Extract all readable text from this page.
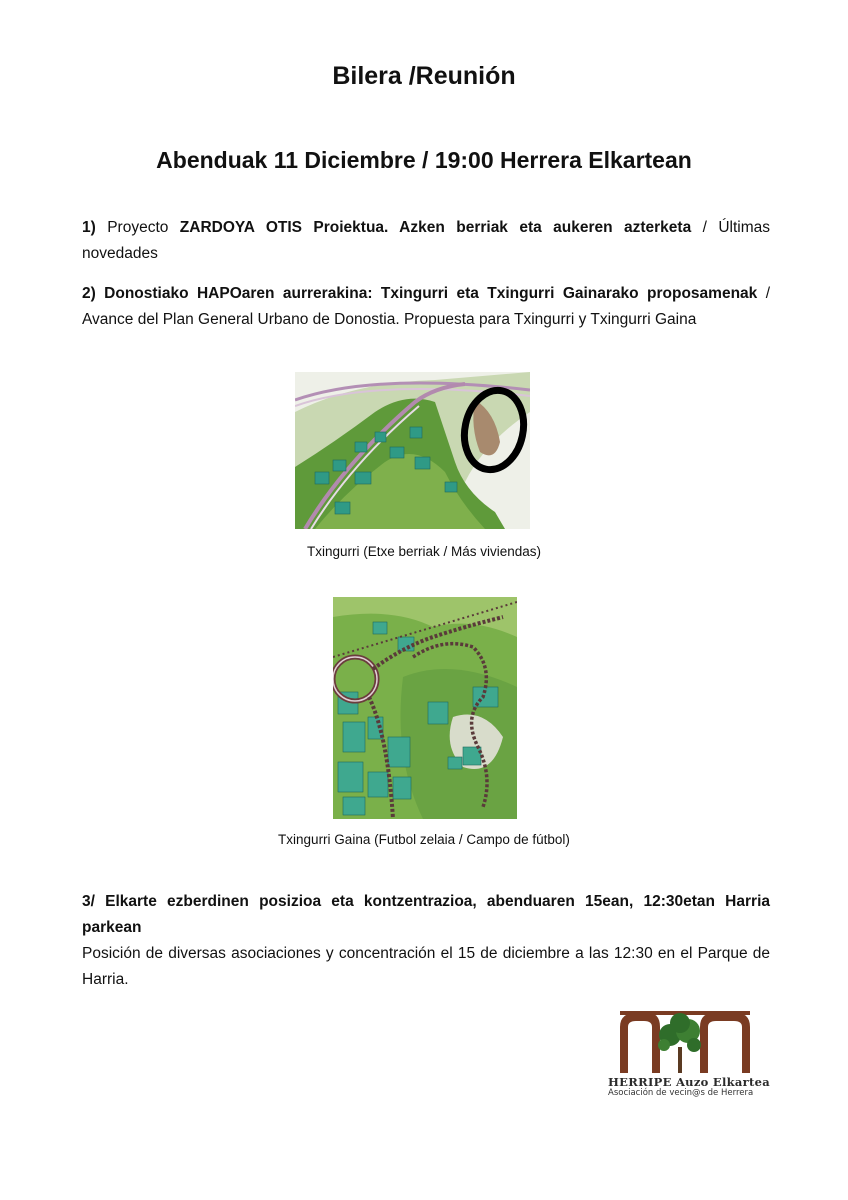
Bilera /Reunión
Abenduak 11 Diciembre / 19:00 Herrera Elkartean

1) Proyecto ZARDOYA OTIS Proiektua. Azken berriak eta aukeren azterketa / Últimas novedades

2) Donostiako HAPOaren aurrerakina: Txingurri eta Txingurri Gainarako proposamenak / Avance del Plan General Urbano de Donostia. Propuesta para Txingurri y Txingurri Gaina

Txingurri (Etxe berriak / Más viviendas)
Txingurri Gaina (Futbol zelaia / Campo de fútbol)
3/ Elkarte ezberdinen posizioa eta kontzentrazioa, abenduaren 15ean, 12:30etan Harria parkean
Posición de diversas asociaciones y concentración el 15 de diciembre a las 12:30 en el Parque de Harria.
HERRIPE Auzo Elkartea
Asociación de vecin@s de Herrera
